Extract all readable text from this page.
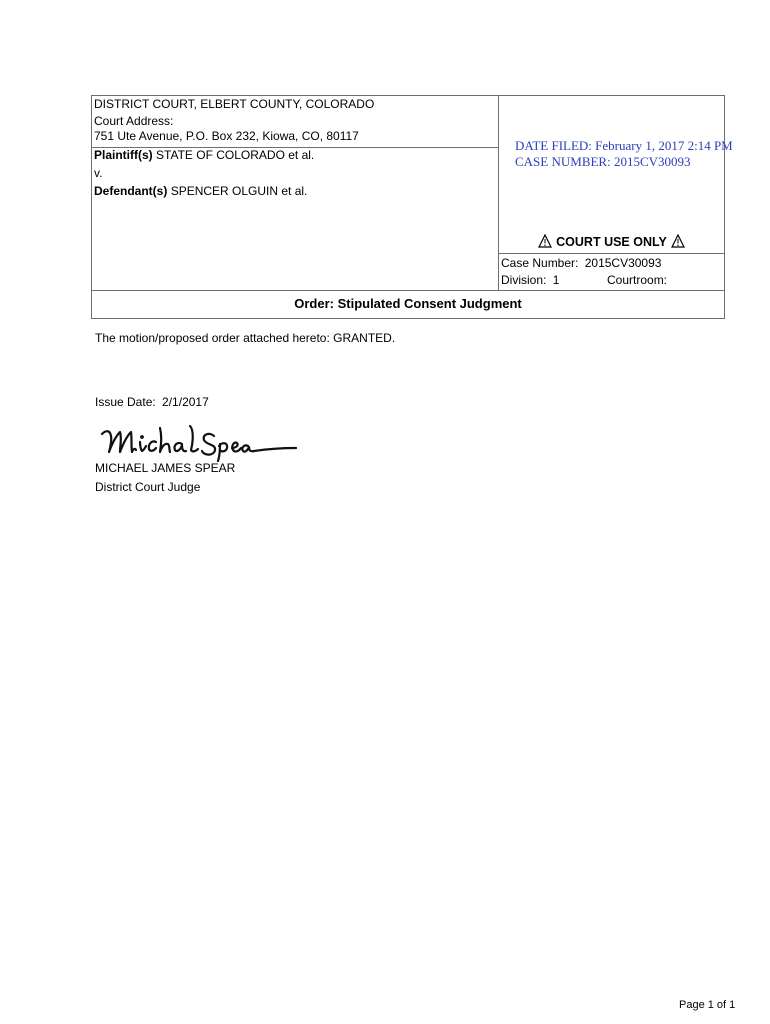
DISTRICT COURT, ELBERT COUNTY, COLORADO
Court Address:
751 Ute Avenue, P.O. Box 232, Kiowa, CO, 80117
Plaintiff(s) STATE OF COLORADO et al.
v.
Defendant(s) SPENCER OLGUIN et al.
DATE FILED: February 1, 2017 2:14 PM
CASE NUMBER: 2015CV30093
COURT USE ONLY
Case Number: 2015CV30093
Division: 1	Courtroom:
Order: Stipulated Consent Judgment
The motion/proposed order attached hereto: GRANTED.
Issue Date: 2/1/2017
MICHAEL JAMES SPEAR
District Court Judge
Page 1 of 1
